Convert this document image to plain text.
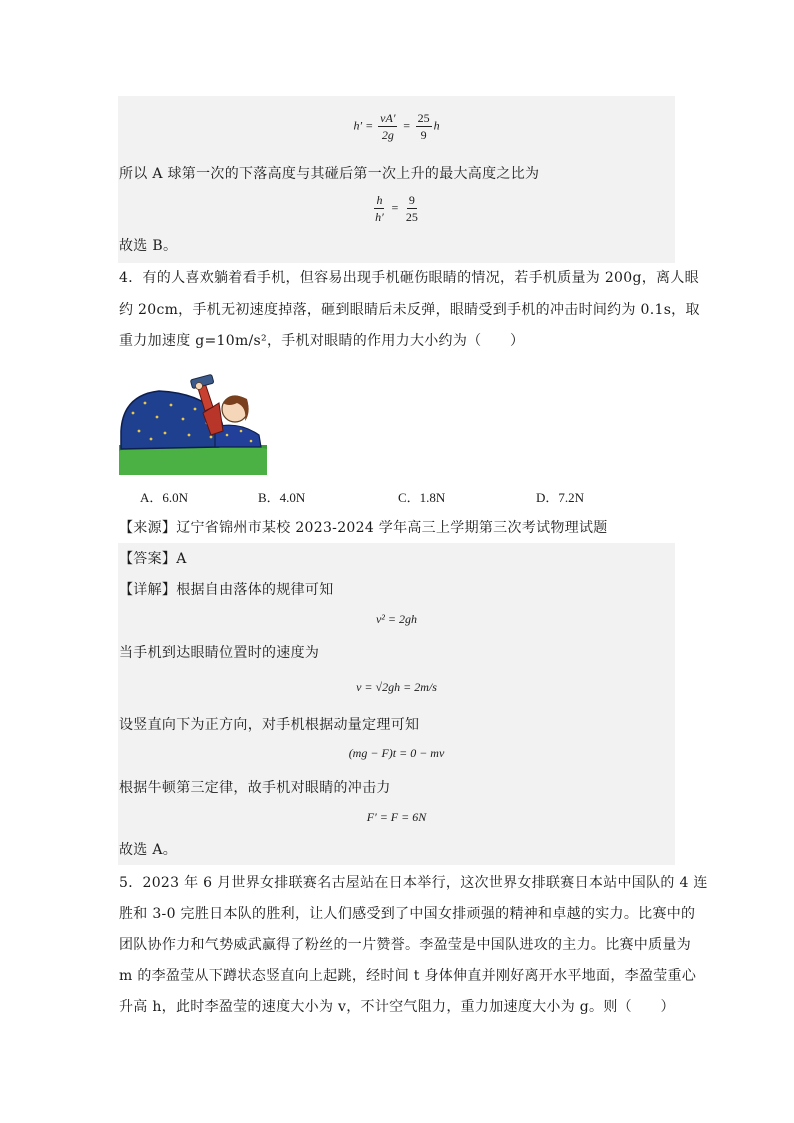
$h' = \frac{vA'}{2g} = \frac{25}{9}$ h
所以 A 球第一次的下落高度与其碰后第一次上升的最大高度之比为
$\frac{h}{h'} = \frac{9}{25}$
故选 B。
4．有的人喜欢躺着看手机，但容易出现手机砸伤眼睛的情况，若手机质量为 200g，离人眼
约 20cm，手机无初速度掉落，砸到眼睛后未反弹，眼睛受到手机的冲击时间约为 0.1s，取
重力加速度 g=10m/s²，手机对眼睛的作用力大小约为（　　）
A．6.0N	B．4.0N	C．1.8N	D．7.2N
【来源】辽宁省锦州市某校 2023-2024 学年高三上学期第三次考试物理试题
【答案】A
【详解】根据自由落体的规律可知
v² = 2gh
当手机到达眼睛位置时的速度为
v = √2gh = 2m/s
设竖直向下为正方向，对手机根据动量定理可知
(mg − F)t = 0 − mv
根据牛顿第三定律，故手机对眼睛的冲击力
F′ = F = 6N
故选 A。
5．2023 年 6 月世界女排联赛名古屋站在日本举行，这次世界女排联赛日本站中国队的 4 连
胜和 3-0 完胜日本队的胜利，让人们感受到了中国女排顽强的精神和卓越的实力。比赛中的
团队协作力和气势威武赢得了粉丝的一片赞誉。李盈莹是中国队进攻的主力。比赛中质量为
m 的李盈莹从下蹲状态竖直向上起跳，经时间 t 身体伸直并刚好离开水平地面，李盈莹重心
升高 h，此时李盈莹的速度大小为 v，不计空气阻力，重力加速度大小为 g。则（　　）
